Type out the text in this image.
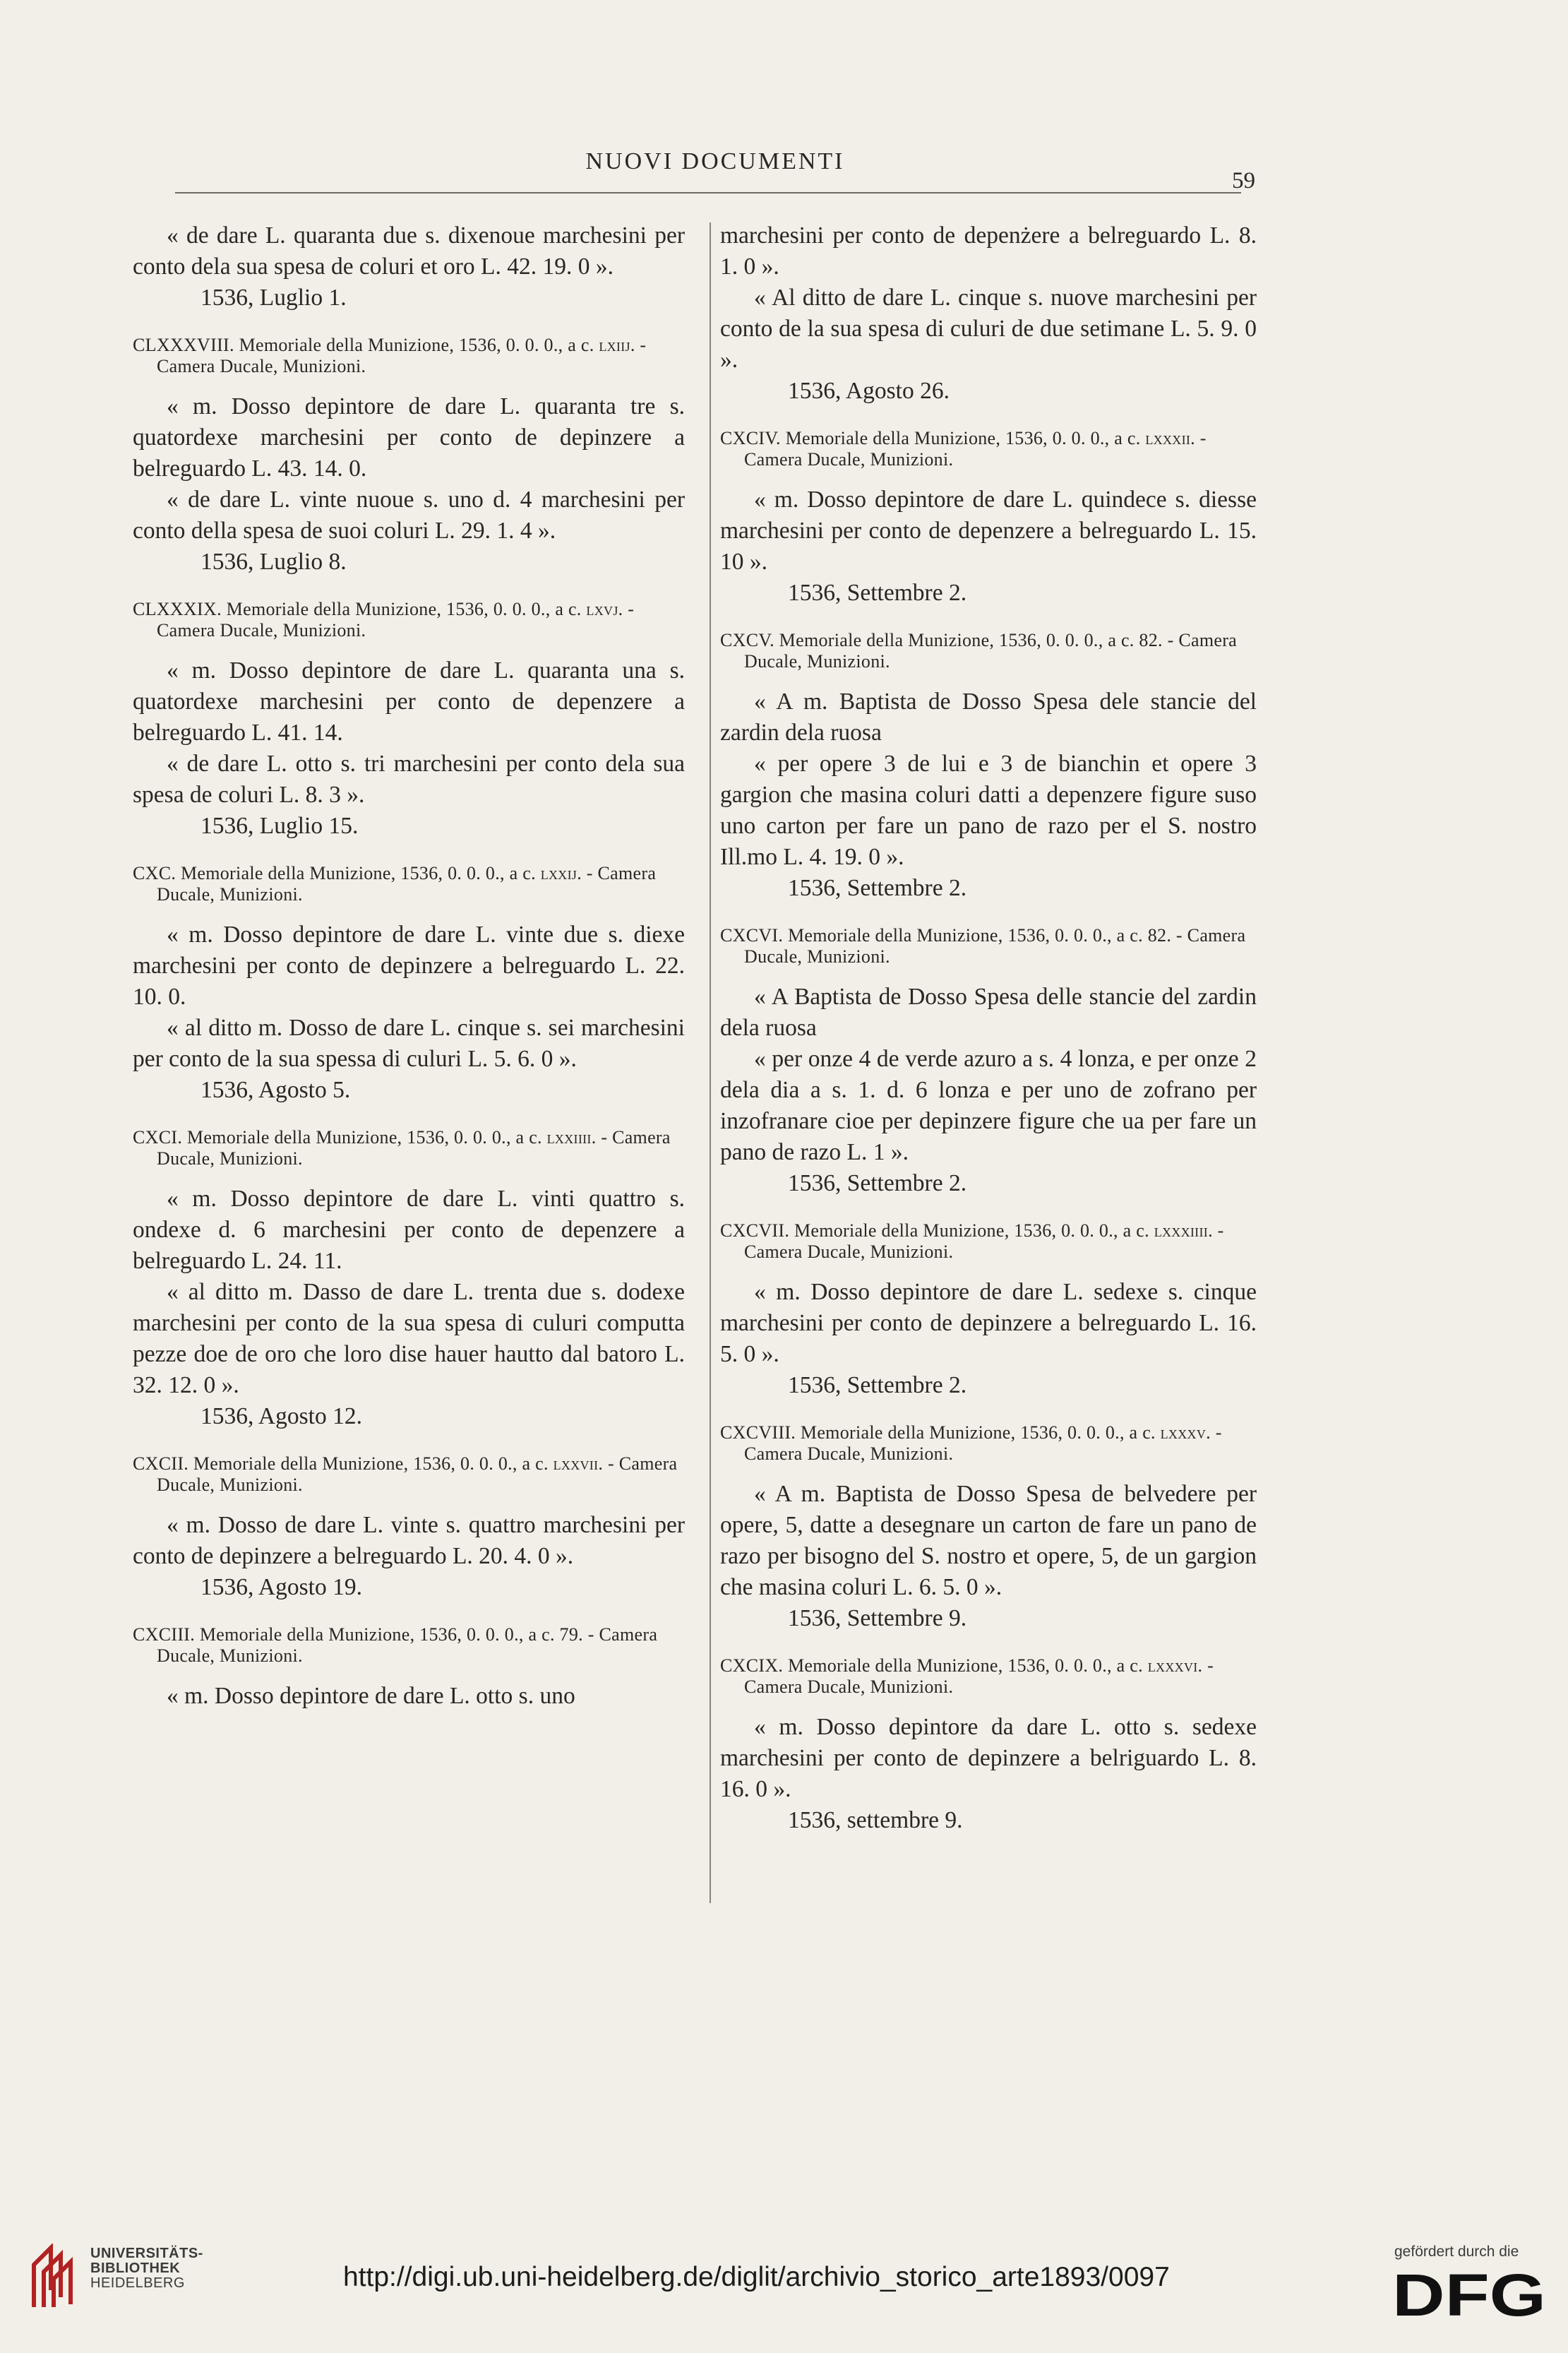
NUOVI DOCUMENTI
59

« de dare L. quaranta due s. dixenoue marchesini per conto dela sua spesa de coluri et oro L. 42. 19. 0 ».

1536, Luglio 1.

CLXXXVIII. Memoriale della Munizione, 1536, 0. 0. 0., a c. lxiij. - Camera Ducale, Munizioni.

« m. Dosso depintore de dare L. quaranta tre s. quatordexe marchesini per conto de depinzere a belreguardo L. 43. 14. 0.

« de dare L. vinte nuoue s. uno d. 4 marchesini per conto della spesa de suoi coluri L. 29. 1. 4 ».

1536, Luglio 8.

CLXXXIX. Memoriale della Munizione, 1536, 0. 0. 0., a c. lxvj. - Camera Ducale, Munizioni.

« m. Dosso depintore de dare L. quaranta una s. quatordexe marchesini per conto de depenzere a belreguardo L. 41. 14.

« de dare L. otto s. tri marchesini per conto dela sua spesa de coluri L. 8. 3 ».

1536, Luglio 15.

CXC. Memoriale della Munizione, 1536, 0. 0. 0., a c. lxxij. - Camera Ducale, Munizioni.

« m. Dosso depintore de dare L. vinte due s. diexe marchesini per conto de depinzere a belreguardo L. 22. 10. 0.

« al ditto m. Dosso de dare L. cinque s. sei marchesini per conto de la sua spessa di culuri L. 5. 6. 0 ».

1536, Agosto 5.

CXCI. Memoriale della Munizione, 1536, 0. 0. 0., a c. lxxiiii. - Camera Ducale, Munizioni.

« m. Dosso depintore de dare L. vinti quattro s. ondexe d. 6 marchesini per conto de depenzere a belreguardo L. 24. 11.

« al ditto m. Dasso de dare L. trenta due s. dodexe marchesini per conto de la sua spesa di culuri computta pezze doe de oro che loro dise hauer hautto dal batoro L. 32. 12. 0 ».

1536, Agosto 12.

CXCII. Memoriale della Munizione, 1536, 0. 0. 0., a c. lxxvii. - Camera Ducale, Munizioni.

« m. Dosso de dare L. vinte s. quattro marchesini per conto de depinzere a belreguardo L. 20. 4. 0 ».

1536, Agosto 19.

CXCIII. Memoriale della Munizione, 1536, 0. 0. 0., a c. 79. - Camera Ducale, Munizioni.

« m. Dosso depintore de dare L. otto s. uno

marchesini per conto de depenżere a belreguardo L. 8. 1. 0 ».

« Al ditto de dare L. cinque s. nuove marchesini per conto de la sua spesa di culuri de due setimane L. 5. 9. 0 ».

1536, Agosto 26.

CXCIV. Memoriale della Munizione, 1536, 0. 0. 0., a c. lxxxii. - Camera Ducale, Munizioni.

« m. Dosso depintore de dare L. quindece s. diesse marchesini per conto de depenzere a belreguardo L. 15. 10 ».

1536, Settembre 2.

CXCV. Memoriale della Munizione, 1536, 0. 0. 0., a c. 82. - Camera Ducale, Munizioni.

« A m. Baptista de Dosso Spesa dele stancie del zardin dela ruosa

« per opere 3 de lui e 3 de bianchin et opere 3 gargion che masina coluri datti a depenzere figure suso uno carton per fare un pano de razo per el S. nostro Ill.mo L. 4. 19. 0 ».

1536, Settembre 2.

CXCVI. Memoriale della Munizione, 1536, 0. 0. 0., a c. 82. - Camera Ducale, Munizioni.

« A Baptista de Dosso Spesa delle stancie del zardin dela ruosa

« per onze 4 de verde azuro a s. 4 lonza, e per onze 2 dela dia a s. 1. d. 6 lonza e per uno de zofrano per inzofranare cioe per depinzere figure che ua per fare un pano de razo L. 1 ».

1536, Settembre 2.

CXCVII. Memoriale della Munizione, 1536, 0. 0. 0., a c. lxxxiiii. - Camera Ducale, Munizioni.

« m. Dosso depintore de dare L. sedexe s. cinque marchesini per conto de depinzere a belreguardo L. 16. 5. 0 ».

1536, Settembre 2.

CXCVIII. Memoriale della Munizione, 1536, 0. 0. 0., a c. lxxxv. - Camera Ducale, Munizioni.

« A m. Baptista de Dosso Spesa de belvedere per opere, 5, datte a desegnare un carton de fare un pano de razo per bisogno del S. nostro et opere, 5, de un gargion che masina coluri L. 6. 5. 0 ».

1536, Settembre 9.

CXCIX. Memoriale della Munizione, 1536, 0. 0. 0., a c. lxxxvi. - Camera Ducale, Munizioni.

« m. Dosso depintore da dare L. otto s. sedexe marchesini per conto de depinzere a belriguardo L. 8. 16. 0 ».

1536, settembre 9.

UNIVERSITÄTS-
BIBLIOTHEK
HEIDELBERG	http://digi.ub.uni-heidelberg.de/diglit/archivio_storico_arte1893/0097
gefördert durch die
DFG
